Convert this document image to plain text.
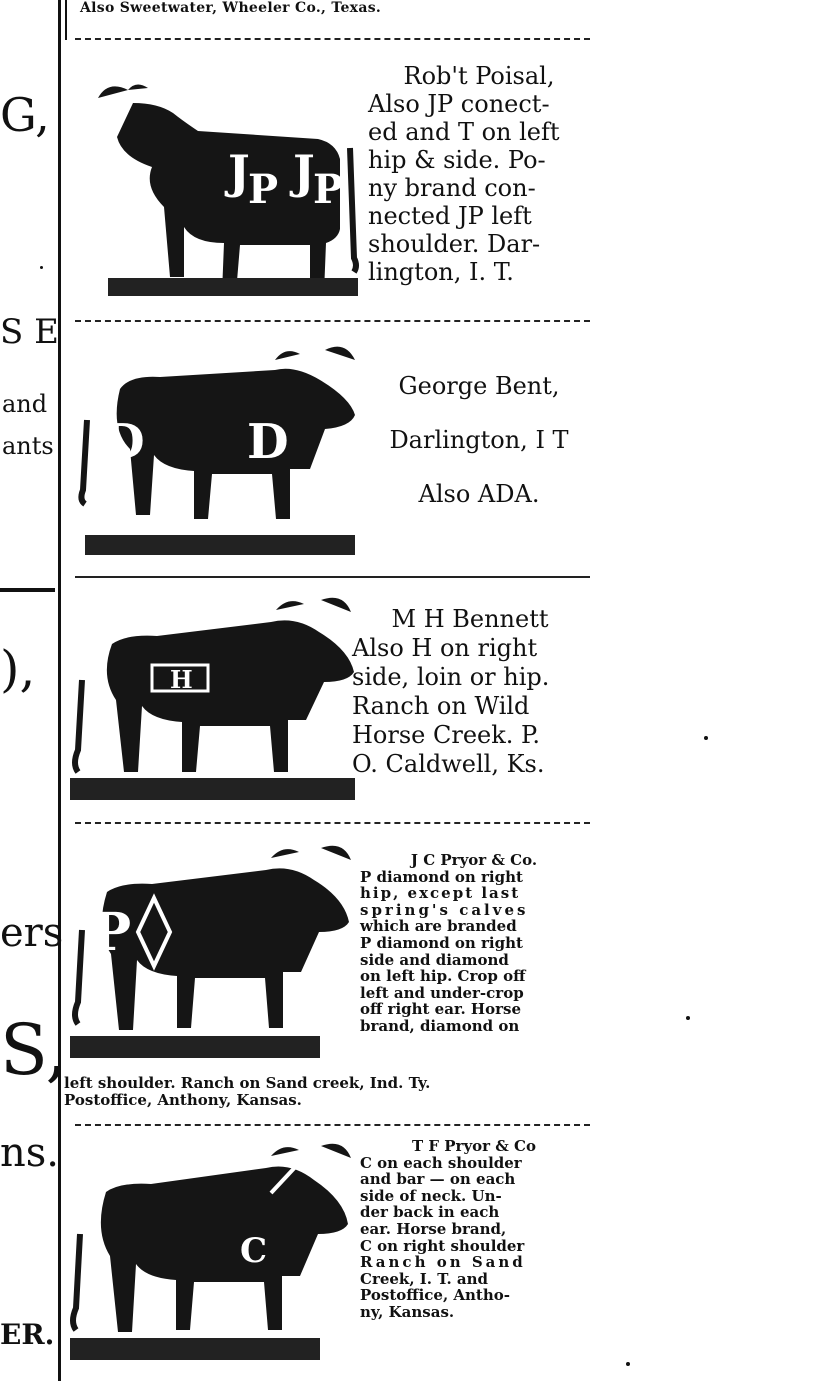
Also Sweetwater, Wheeler Co., Texas.
G,
S E
and
ants
),
ers
S,
ns.
ER.
J
P J
P
Rob't Poisal,
Also JP conect-
ed and T on left
hip & side. Po-
ny brand con-
nected JP left
shoulder. Dar-
lington, I. T.
D D
George Bent,
Darlington, I T
Also ADA.
H
M H Bennett
Also H on right
side, loin or hip.
Ranch on Wild
Horse Creek. P.
O. Caldwell, Ks.
P
J C Pryor & Co.
P diamond on right
hip, except last
spring's calves
which are branded
P diamond on right
side and diamond
on left hip. Crop off
left and under-crop
off right ear. Horse
brand, diamond on
left shoulder. Ranch on Sand creek, Ind. Ty.
Postoffice, Anthony, Kansas.
C
T F Pryor & Co
C on each shoulder
and bar — on each
side of neck. Un-
der back in each
ear. Horse brand,
C on right shoulder
Ranch on Sand
Creek, I. T. and
Postoffice, Antho-
ny, Kansas.
